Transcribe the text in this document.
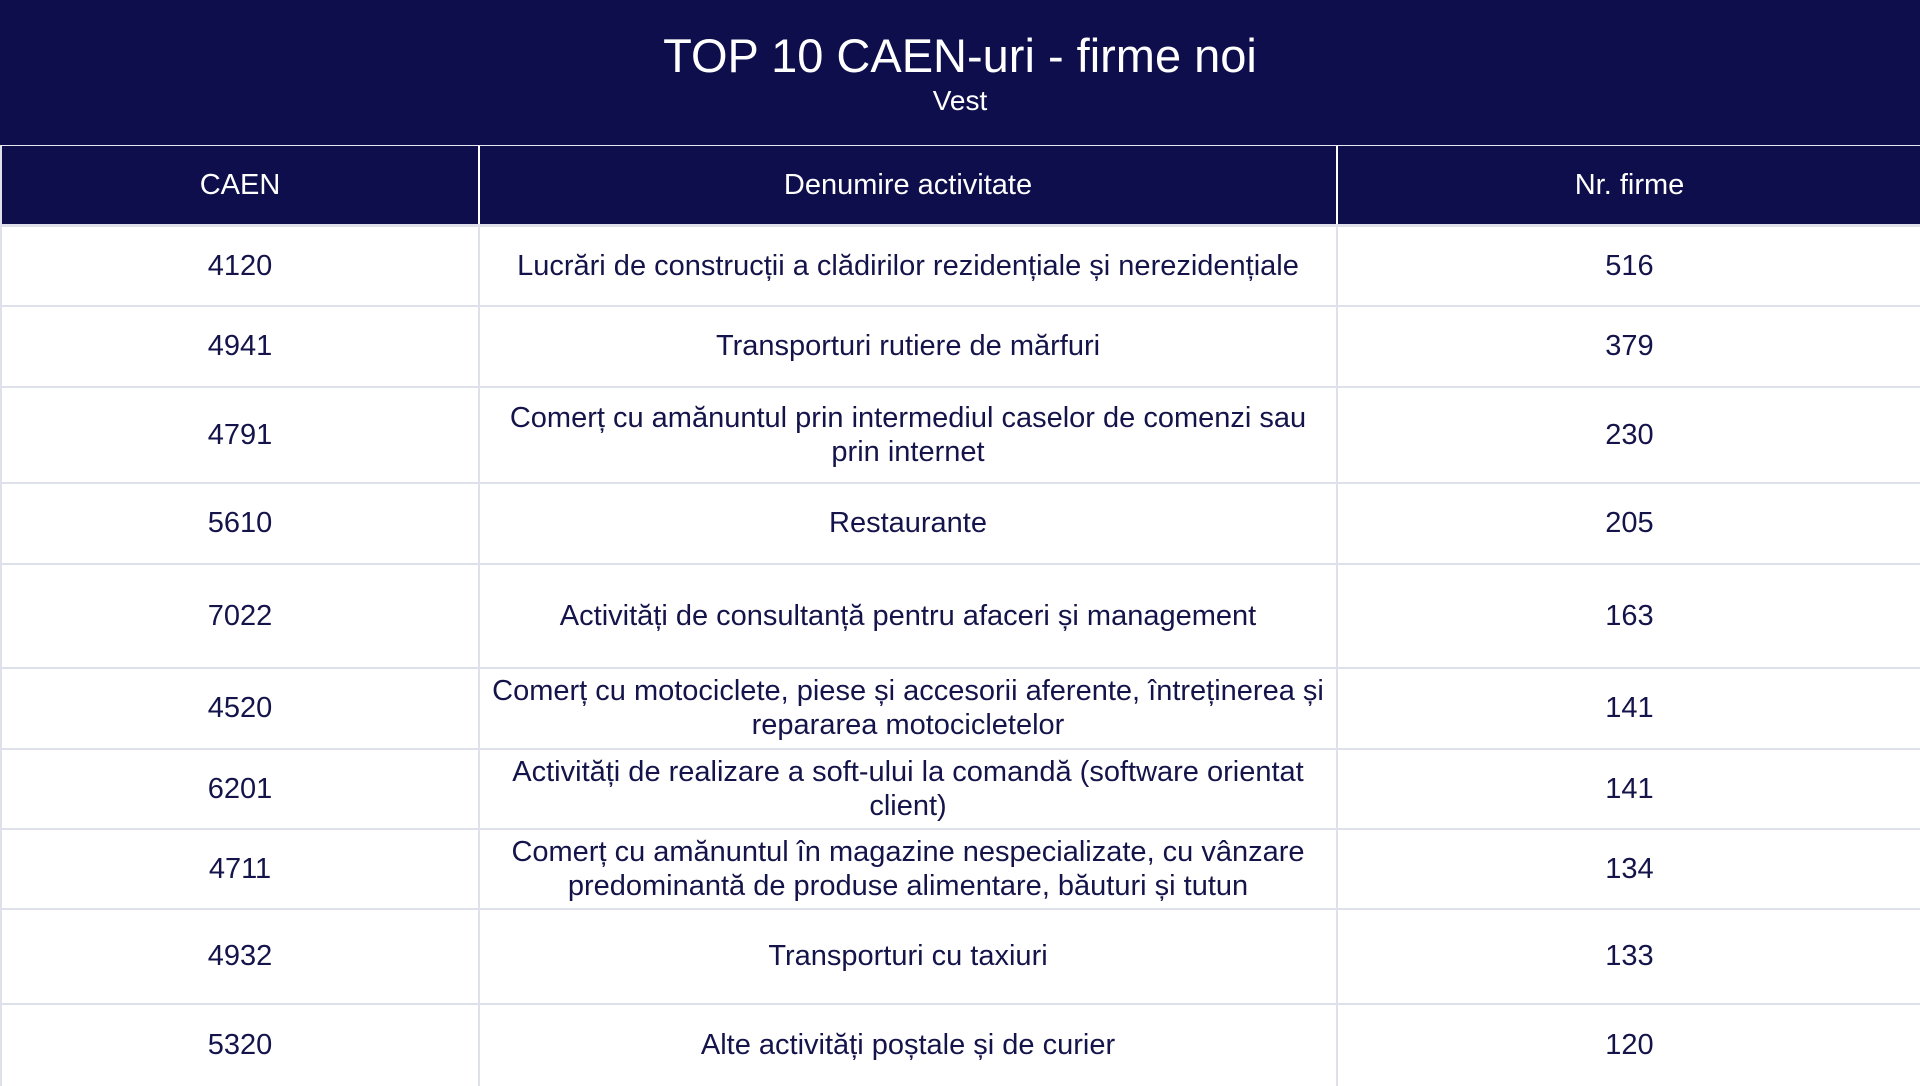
TOP 10 CAEN-uri - firme noi
Vest
CAEN	Denumire activitate	Nr. firme
4120	Lucrări de construcții a clădirilor rezidențiale și nerezidențiale	516
4941	Transporturi rutiere de mărfuri	379
4791	Comerț cu amănuntul prin intermediul caselor de comenzi sau prin internet	230
5610	Restaurante	205
7022	Activități de consultanță pentru afaceri și management	163
4520	Comerț cu motociclete, piese și accesorii aferente, întreținerea și repararea motocicletelor	141
6201	Activități de realizare a soft-ului la comandă (software orientat client)	141
4711	Comerț cu amănuntul în magazine nespecializate, cu vânzare predominantă de produse alimentare, băuturi și tutun	134
4932	Transporturi cu taxiuri	133
5320	Alte activități poștale și de curier	120
